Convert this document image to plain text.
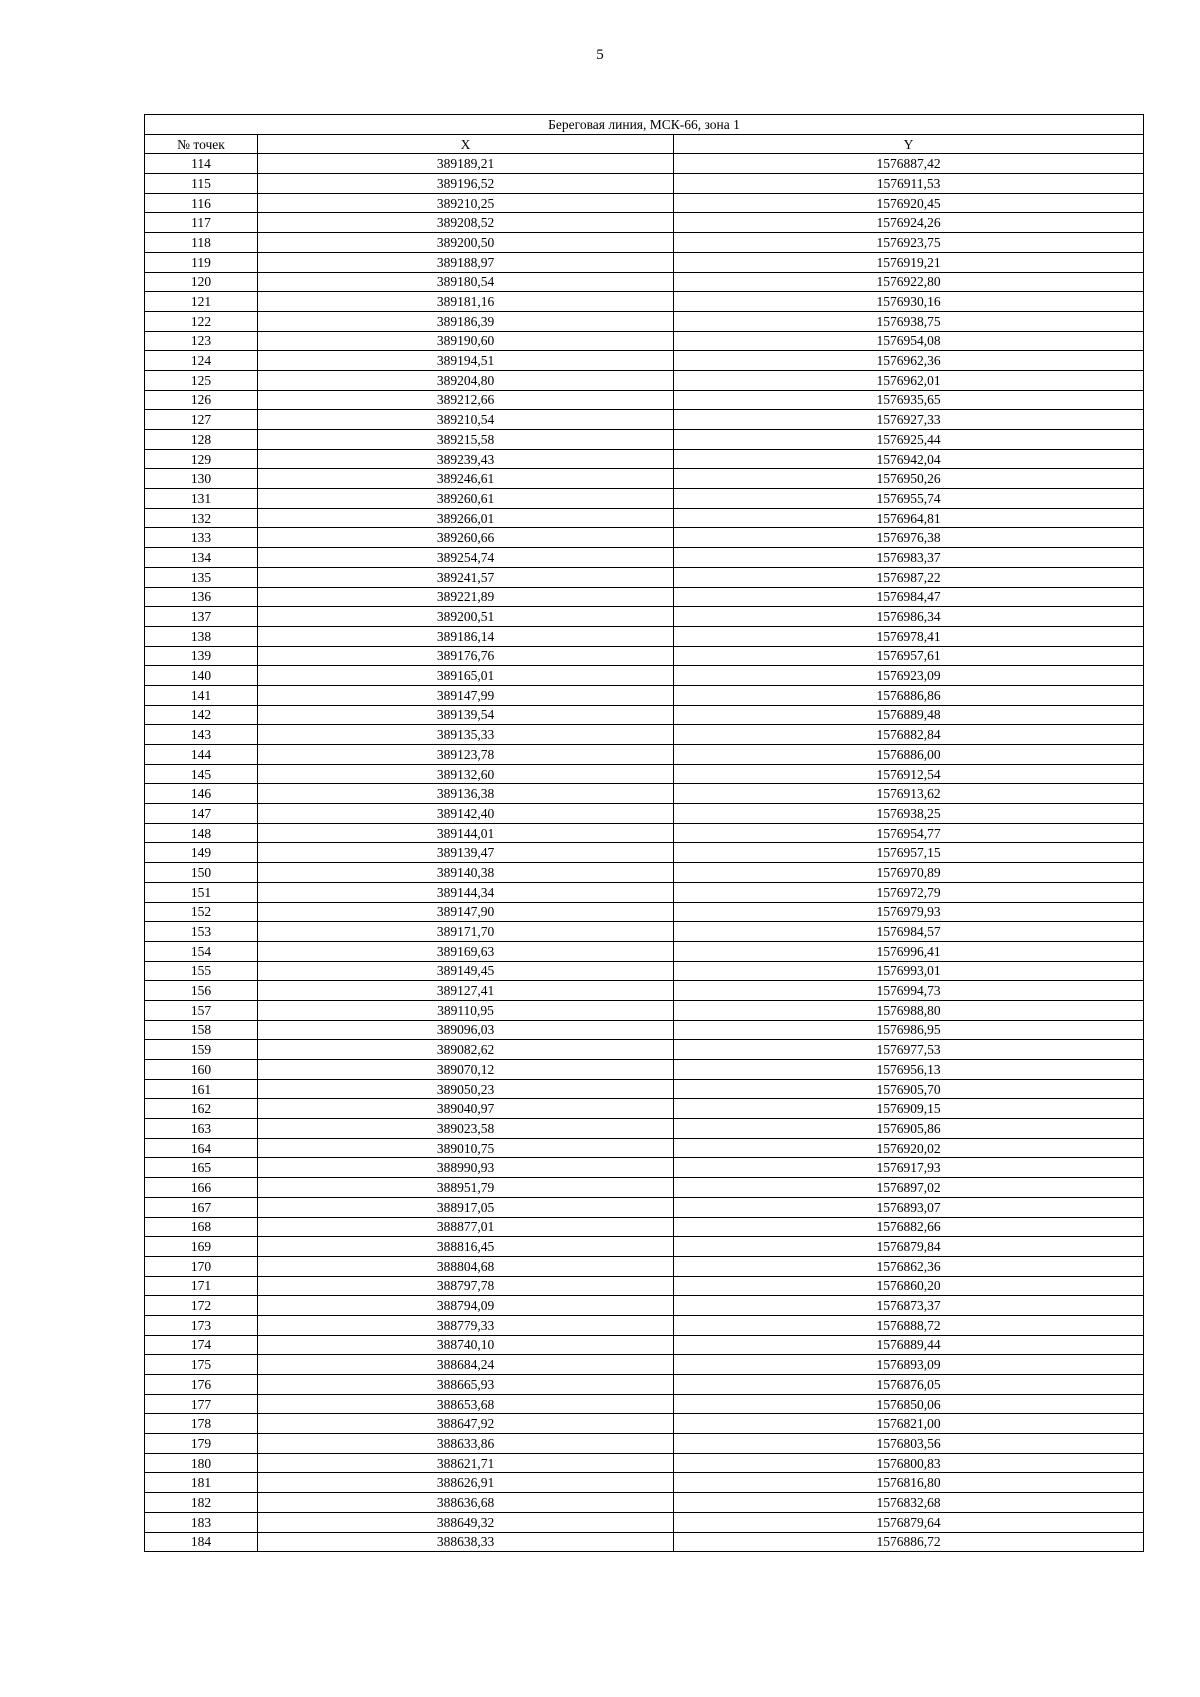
5
Береговая линия, МСК-66, зона 1		
№ точек	X	Y
114	389189,21	1576887,42
115	389196,52	1576911,53
116	389210,25	1576920,45
117	389208,52	1576924,26
118	389200,50	1576923,75
119	389188,97	1576919,21
120	389180,54	1576922,80
121	389181,16	1576930,16
122	389186,39	1576938,75
123	389190,60	1576954,08
124	389194,51	1576962,36
125	389204,80	1576962,01
126	389212,66	1576935,65
127	389210,54	1576927,33
128	389215,58	1576925,44
129	389239,43	1576942,04
130	389246,61	1576950,26
131	389260,61	1576955,74
132	389266,01	1576964,81
133	389260,66	1576976,38
134	389254,74	1576983,37
135	389241,57	1576987,22
136	389221,89	1576984,47
137	389200,51	1576986,34
138	389186,14	1576978,41
139	389176,76	1576957,61
140	389165,01	1576923,09
141	389147,99	1576886,86
142	389139,54	1576889,48
143	389135,33	1576882,84
144	389123,78	1576886,00
145	389132,60	1576912,54
146	389136,38	1576913,62
147	389142,40	1576938,25
148	389144,01	1576954,77
149	389139,47	1576957,15
150	389140,38	1576970,89
151	389144,34	1576972,79
152	389147,90	1576979,93
153	389171,70	1576984,57
154	389169,63	1576996,41
155	389149,45	1576993,01
156	389127,41	1576994,73
157	389110,95	1576988,80
158	389096,03	1576986,95
159	389082,62	1576977,53
160	389070,12	1576956,13
161	389050,23	1576905,70
162	389040,97	1576909,15
163	389023,58	1576905,86
164	389010,75	1576920,02
165	388990,93	1576917,93
166	388951,79	1576897,02
167	388917,05	1576893,07
168	388877,01	1576882,66
169	388816,45	1576879,84
170	388804,68	1576862,36
171	388797,78	1576860,20
172	388794,09	1576873,37
173	388779,33	1576888,72
174	388740,10	1576889,44
175	388684,24	1576893,09
176	388665,93	1576876,05
177	388653,68	1576850,06
178	388647,92	1576821,00
179	388633,86	1576803,56
180	388621,71	1576800,83
181	388626,91	1576816,80
182	388636,68	1576832,68
183	388649,32	1576879,64
184	388638,33	1576886,72
